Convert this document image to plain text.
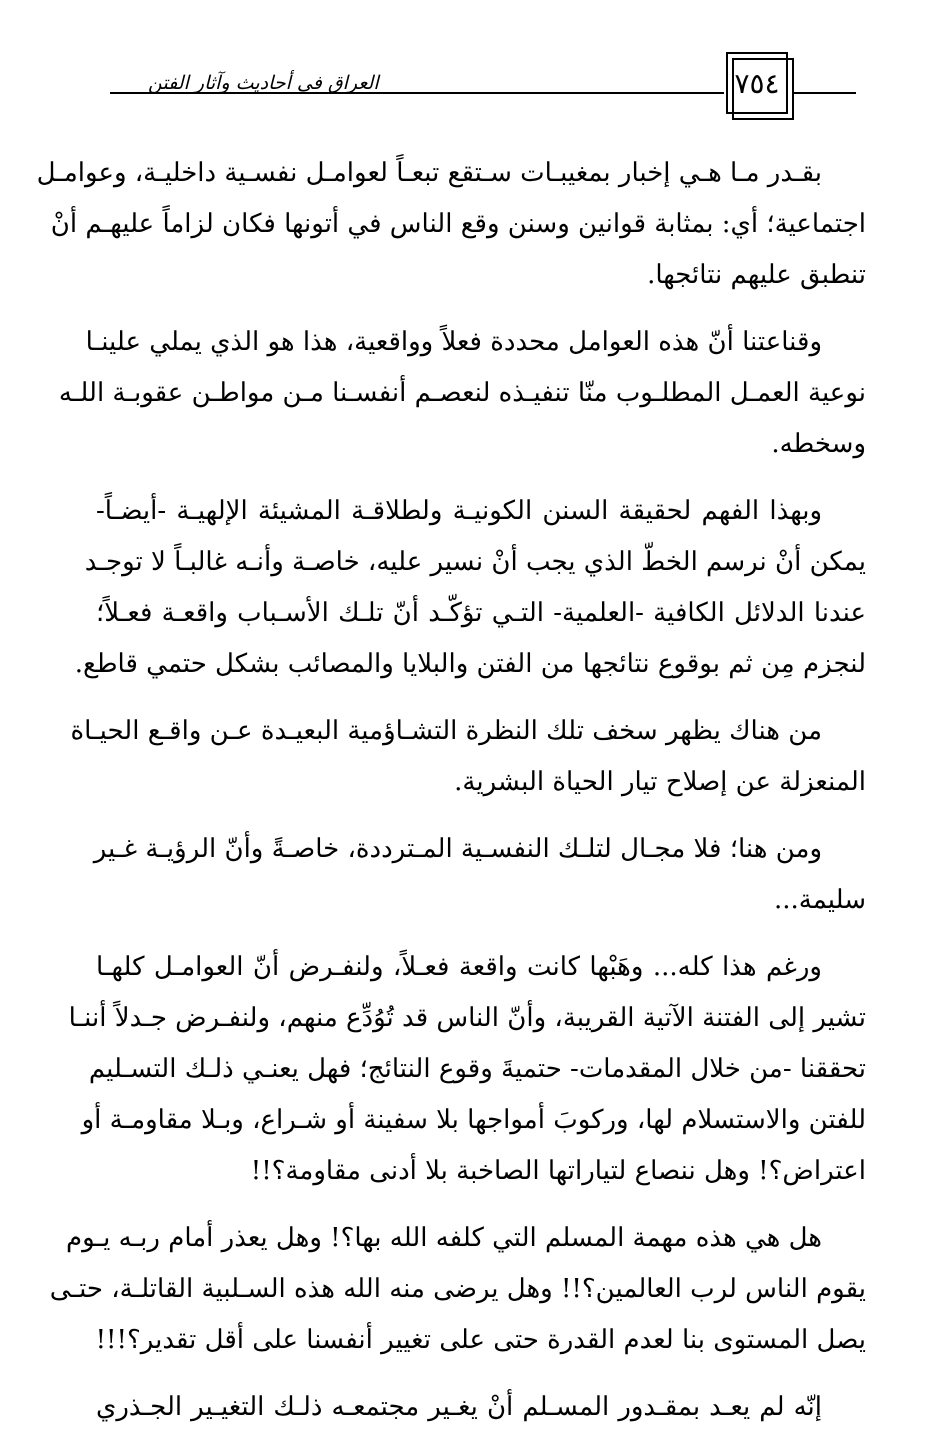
٧٥٤
العراق في أحاديث وآثار الفتن
بقـدر مـا هـي إخبار بمغيبـات سـتقع تبعـاً لعوامـل نفسـية داخليـة، وعوامـل
اجتماعية؛ أي: بمثابة قوانين وسنن وقع الناس في أتونها فكان لزاماً عليهـم أنْ
تنطبق عليهم نتائجها.
وقناعتنا أنّ هذه العوامل محددة فعلاً وواقعية، هذا هو الذي يملي علينـا
نوعية العمـل المطلـوب منّا تنفيـذه لنعصـم أنفسـنا مـن مواطـن عقوبـة اللـه
وسخطه.
وبهذا الفهم لحقيقة السنن الكونيـة ولطلاقـة المشيئة الإلهيـة -أيضـاً-
يمكن أنْ نرسم الخطّ الذي يجب أنْ نسير عليه، خاصـة وأنـه غالبـاً لا توجـد
عندنا الدلائل الكافية -العلمية- التـي تؤكّـد أنّ تلـك الأسـباب واقعـة فعـلاً؛
لنجزم مِن ثم بوقوع نتائجها من الفتن والبلايا والمصائب بشكل حتمي قاطع.
من هناك يظهر سخف تلك النظرة التشـاؤمية البعيـدة عـن واقـع الحيـاة
المنعزلة عن إصلاح تيار الحياة البشرية.
ومن هنا؛ فلا مجـال لتلـك النفسـية المـترددة، خاصـةً وأنّ الرؤيـة غـير
سليمة...
ورغم هذا كله... وهَبْها كانت واقعة فعـلاً، ولنفـرض أنّ العوامـل كلهـا
تشير إلى الفتنة الآتية القريبة، وأنّ الناس قد تُوُدِّع منهم، ولنفـرض جـدلاً أننـا
تحققنا -من خلال المقدمات- حتميةَ وقوع النتائج؛ فهل يعنـي ذلـك التسـليم
للفتن والاستسلام لها، وركوبَ أمواجها بلا سفينة أو شـراع، وبـلا مقاومـة أو
اعتراض؟! وهل ننصاع لتياراتها الصاخبة بلا أدنى مقاومة؟!!
هل هي هذه مهمة المسلم التي كلفه الله بها؟! وهل يعذر أمام ربـه يـوم
يقوم الناس لرب العالمين؟!! وهل يرضى منه الله هذه السـلبية القاتلـة، حتـى
يصل المستوى بنا لعدم القدرة حتى على تغيير أنفسنا على أقل تقدير؟!!!
إنّه لم يعـد بمقـدور المسـلم أنْ يغـير مجتمعـه ذلـك التغيـير الجـذري
